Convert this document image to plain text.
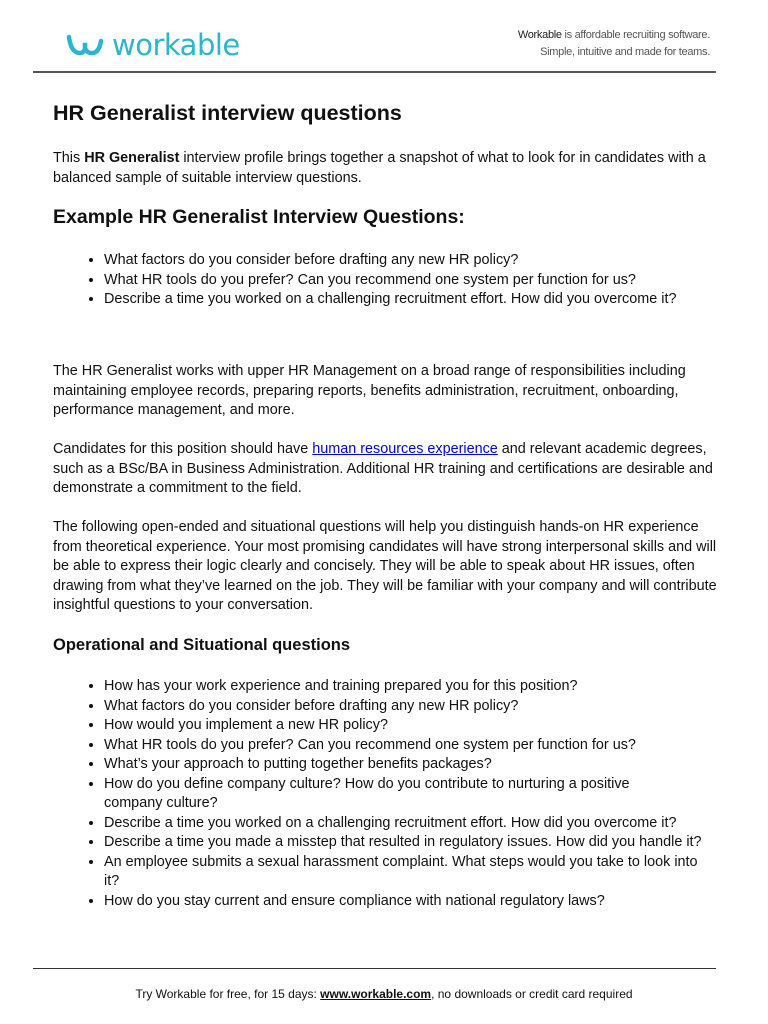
workable	Workable is affordable recruiting software.
Simple, intuitive and made for teams.
HR Generalist interview questions

This HR Generalist interview profile brings together a snapshot of what to look for in candidates with a balanced sample of suitable interview questions.

Example HR Generalist Interview Questions:
• What factors do you consider before drafting any new HR policy?
• What HR tools do you prefer? Can you recommend one system per function for us?
• Describe a time you worked on a challenging recruitment effort. How did you overcome it?

The HR Generalist works with upper HR Management on a broad range of responsibilities including maintaining employee records, preparing reports, benefits administration, recruitment, onboarding, performance management, and more.

Candidates for this position should have human resources experience and relevant academic degrees, such as a BSc/BA in Business Administration. Additional HR training and certifications are desirable and demonstrate a commitment to the field.

The following open-ended and situational questions will help you distinguish hands-on HR experience from theoretical experience. Your most promising candidates will have strong interpersonal skills and will be able to express their logic clearly and concisely. They will be able to speak about HR issues, often drawing from what they’ve learned on the job. They will be familiar with your company and will contribute insightful questions to your conversation.

Operational and Situational questions
• How has your work experience and training prepared you for this position?
• What factors do you consider before drafting any new HR policy?
• How would you implement a new HR policy?
• What HR tools do you prefer? Can you recommend one system per function for us?
• What’s your approach to putting together benefits packages?
• How do you define company culture? How do you contribute to nurturing a positive company culture?
• Describe a time you worked on a challenging recruitment effort. How did you overcome it?
• Describe a time you made a misstep that resulted in regulatory issues. How did you handle it?
• An employee submits a sexual harassment complaint. What steps would you take to look into it?
• How do you stay current and ensure compliance with national regulatory laws?
Try Workable for free, for 15 days: www.workable.com, no downloads or credit card required
